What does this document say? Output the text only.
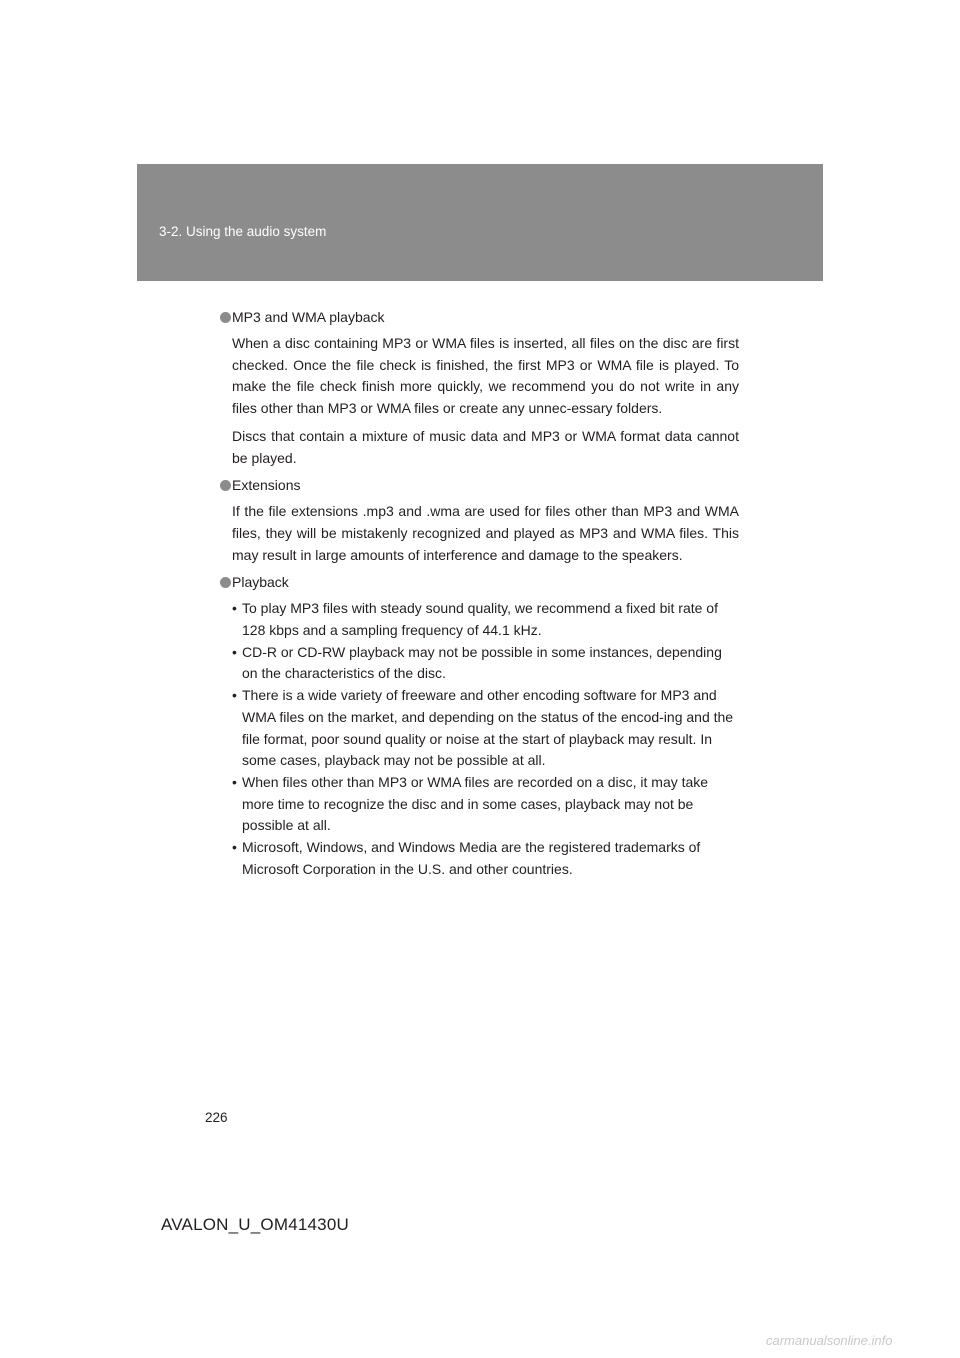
3-2. Using the audio system
MP3 and WMA playback

When a disc containing MP3 or WMA files is inserted, all files on the disc are first checked. Once the file check is finished, the first MP3 or WMA file is played. To make the file check finish more quickly, we recommend you do not write in any files other than MP3 or WMA files or create any unnec-essary folders.

Discs that contain a mixture of music data and MP3 or WMA format data cannot be played.

Extensions

If the file extensions .mp3 and .wma are used for files other than MP3 and WMA files, they will be mistakenly recognized and played as MP3 and WMA files. This may result in large amounts of interference and damage to the speakers.

Playback
• To play MP3 files with steady sound quality, we recommend a fixed bit rate of 128 kbps and a sampling frequency of 44.1 kHz.
• CD-R or CD-RW playback may not be possible in some instances, depending on the characteristics of the disc.
• There is a wide variety of freeware and other encoding software for MP3 and WMA files on the market, and depending on the status of the encod-ing and the file format, poor sound quality or noise at the start of playback may result. In some cases, playback may not be possible at all.
• When files other than MP3 or WMA files are recorded on a disc, it may take more time to recognize the disc and in some cases, playback may not be possible at all.
• Microsoft, Windows, and Windows Media are the registered trademarks of Microsoft Corporation in the U.S. and other countries.
226
AVALON_U_OM41430U
carmanualsonline.info
